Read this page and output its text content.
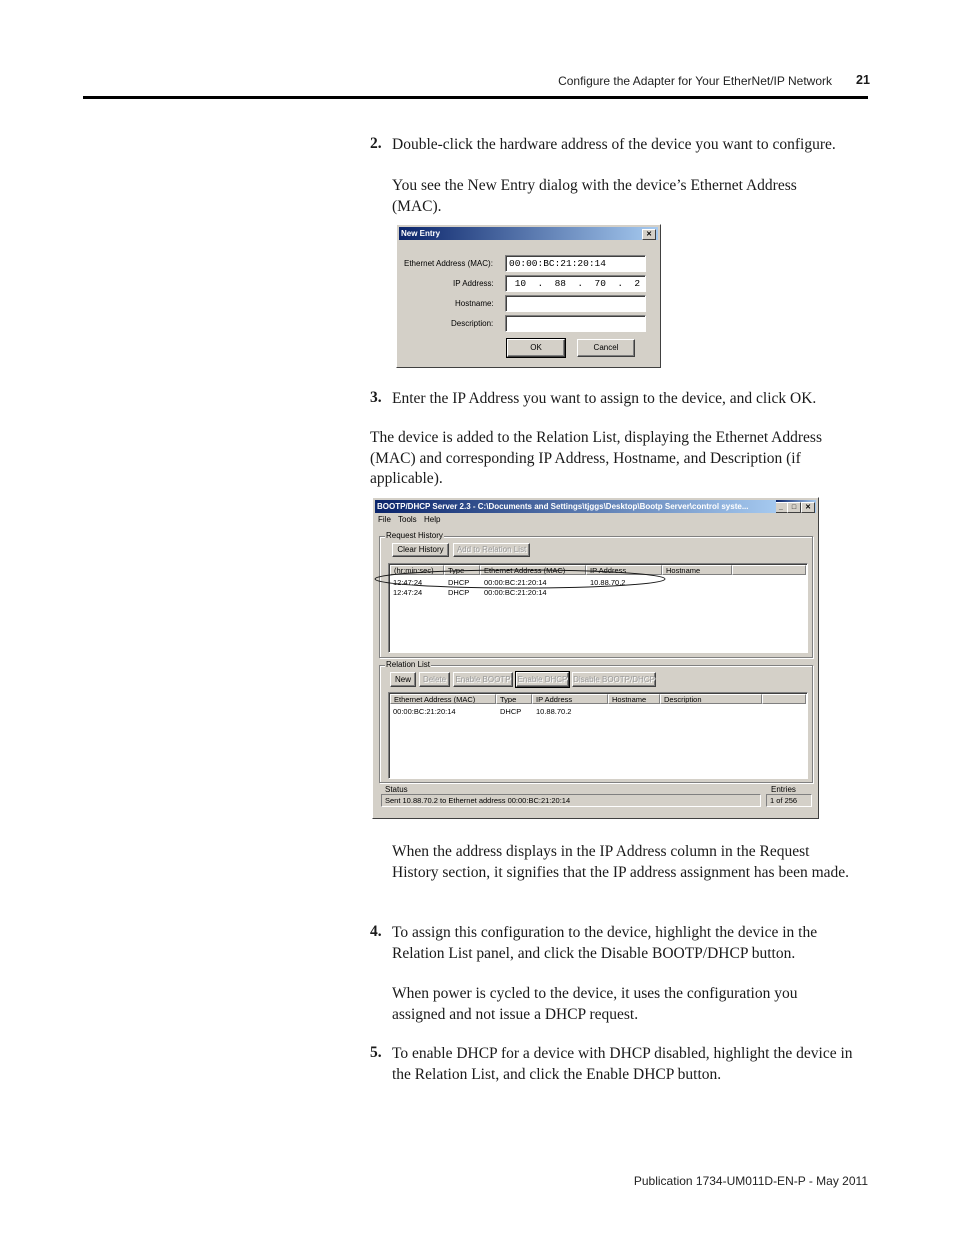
Configure the Adapter for Your EtherNet/IP Network 21
2. Double-click the hardware address of the device you want to configure.

You see the New Entry dialog with the device’s Ethernet Address (MAC).

New Entry	✕
Ethernet Address (MAC):	00:00:BC:21:20:14
IP Address:	10  .  88  .  70  .  2
Hostname:
Description:
OK	Cancel
3. Enter the IP Address you want to assign to the device, and click OK.

The device is added to the Relation List, displaying the Ethernet Address (MAC) and corresponding IP Address, Hostname, and Description (if applicable).

BOOTP/DHCP Server 2.3 - C:\Documents and Settings\tjggs\Desktop\Bootp Server\control syste...	_	□	✕
File Tools Help
Request History
Clear History	Add to Relation List
(hr:min:sec)	Type	Ethernet Address (MAC)	IP Address	Hostname
12:47:24	DHCP 00:00:BC:21:20:14	10.88.70.2
12:47:24	DHCP 00:00:BC:21:20:14
Relation List
New	Delete	Enable BOOTP Enable DHCP Disable BOOTP/DHCP
Ethernet Address (MAC)	Type	IP Address	Hostname	Description
00:00:BC:21:20:14	DHCP 10.88.70.2
Status
Sent 10.88.70.2 to Ethernet address 00:00:BC:21:20:14
Entries
1 of 256

When the address displays in the IP Address column in the Request History section, it signifies that the IP address assignment has been made.

4. To assign this configuration to the device, highlight the device in the Relation List panel, and click the Disable BOOTP/DHCP button.

When power is cycled to the device, it uses the configuration you assigned and not issue a DHCP request.

5. To enable DHCP for a device with DHCP disabled, highlight the device in the Relation List, and click the Enable DHCP button.

Publication 1734-UM011D-EN-P - May 2011
